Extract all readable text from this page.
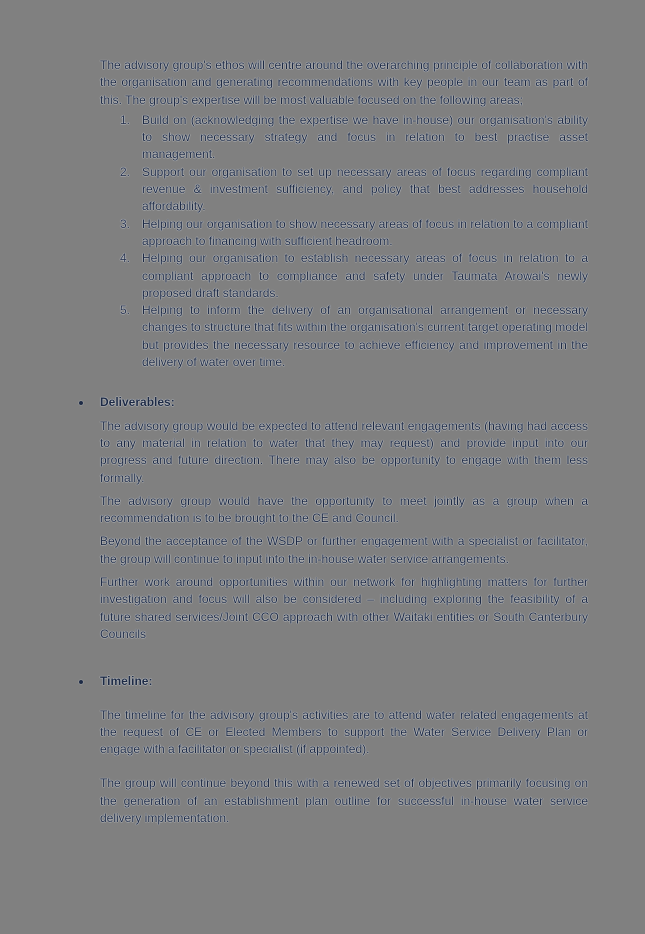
The advisory group's ethos will centre around the overarching principle of collaboration with the organisation and generating recommendations with key people in our team as part of this. The group's expertise will be most valuable focused on the following areas;

1. Build on (acknowledging the expertise we have in-house) our organisation's ability to show necessary strategy and focus in relation to best practise asset management.
2. Support our organisation to set up necessary areas of focus regarding compliant revenue & investment sufficiency, and policy that best addresses household affordability.
3. Helping our organisation to show necessary areas of focus in relation to a compliant approach to financing with sufficient headroom.
4. Helping our organisation to establish necessary areas of focus in relation to a compliant approach to compliance and safety under Taumata Arowai's newly proposed draft standards.
5. Helping to inform the delivery of an organisational arrangement or necessary changes to structure that fits within the organisation's current target operating model but provides the necessary resource to achieve efficiency and improvement in the delivery of water over time.

Deliverables:

The advisory group would be expected to attend relevant engagements (having had access to any material in relation to water that they may request) and provide input into our progress and future direction. There may also be opportunity to engage with them less formally.

The advisory group would have the opportunity to meet jointly as a group when a recommendation is to be brought to the CE and Council.

Beyond the acceptance of the WSDP or further engagement with a specialist or facilitator, the group will continue to input into the in-house water service arrangements.

Further work around opportunities within our network for highlighting matters for further investigation and focus will also be considered – including exploring the feasibility of a future shared services/Joint CCO approach with other Waitaki entities or South Canterbury Councils

Timeline:

The timeline for the advisory group's activities are to attend water related engagements at the request of CE or Elected Members to support the Water Service Delivery Plan or engage with a facilitator or specialist (if appointed).

The group will continue beyond this with a renewed set of objectives primarily focusing on the generation of an establishment plan outline for successful in-house water service delivery implementation.
